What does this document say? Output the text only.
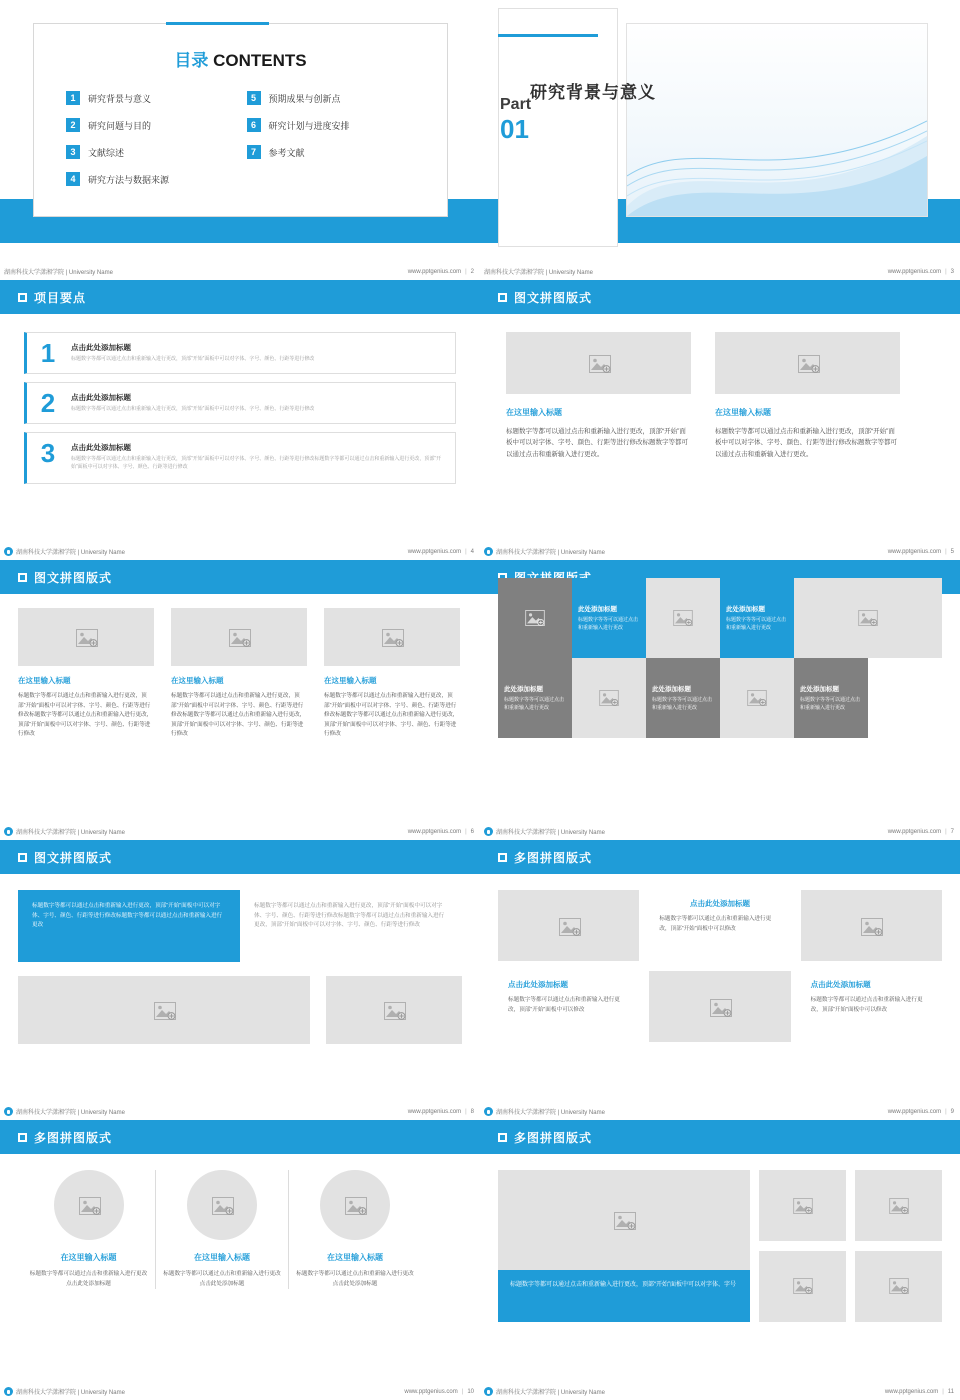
目录 CONTENTS
1	研究背景与意义	5	预期成果与创新点
2	研究问题与目的	6	研究计划与进度安排
3	文献综述	7	参考文献
4	研究方法与数据来源
湖南科技大学潇湘学院 | University Name	www.pptgenius.com | 2
Part
01
研究背景与意义
湖南科技大学潇湘学院 | University Name	www.pptgenius.com | 3
项目要点
1	点击此处添加标题
标题数字等都可以通过点击和重新输入进行更改，顶部“开始”面板中可以对字体、字号、颜色、行距等进行修改
2	点击此处添加标题
标题数字等都可以通过点击和重新输入进行更改，顶部“开始”面板中可以对字体、字号、颜色、行距等进行修改
3	点击此处添加标题
标题数字等都可以通过点击和重新输入进行更改，顶部“开始”面板中可以对字体、字号、颜色、行距等进行修改标题数字等都可以通过点击和重新输入进行更改，顶部“开始”面板中可以对字体、字号、颜色、行距等进行修改
湖南科技大学潇湘学院 | University Name	www.pptgenius.com | 4
图文拼图版式
在这里输入标题
标题数字等都可以通过点击和重新输入进行更改，顶部“开始”面板中可以对字体、字号、颜色、行距等进行修改标题数字等都可以通过点击和重新输入进行更改。
在这里输入标题
标题数字等都可以通过点击和重新输入进行更改，顶部“开始”面板中可以对字体、字号、颜色、行距等进行修改标题数字等都可以通过点击和重新输入进行更改。
湖南科技大学潇湘学院 | University Name	www.pptgenius.com | 5
图文拼图版式
在这里输入标题
标题数字等都可以通过点击和重新输入进行更改，顶部“开始”面板中可以对字体、字号、颜色、行距等进行修改标题数字等都可以通过点击和重新输入进行更改，顶部“开始”面板中可以对字体、字号、颜色、行距等进行修改
在这里输入标题
标题数字等都可以通过点击和重新输入进行更改，顶部“开始”面板中可以对字体、字号、颜色、行距等进行修改标题数字等都可以通过点击和重新输入进行更改，顶部“开始”面板中可以对字体、字号、颜色、行距等进行修改
在这里输入标题
标题数字等都可以通过点击和重新输入进行更改，顶部“开始”面板中可以对字体、字号、颜色、行距等进行修改标题数字等都可以通过点击和重新输入进行更改，顶部“开始”面板中可以对字体、字号、颜色、行距等进行修改
湖南科技大学潇湘学院 | University Name	www.pptgenius.com | 6
此处添加标题
标题数字等等可以通过点击和重新输入进行更改
此处添加标题
标题数字等等可以通过点击和重新输入进行更改
此处添加标题
标题数字等等可以通过点击和重新输入进行更改
此处添加标题
标题数字等等可以通过点击和重新输入进行更改
此处添加标题
标题数字等等可以通过点击和重新输入进行更改
湖南科技大学潇湘学院 | University Name	www.pptgenius.com | 7
图文拼图版式
标题数字等都可以通过点击和重新输入进行更改，顶部“开始”面板中可以对字体、字号、颜色、行距等进行修改标题数字等都可以通过点击和重新输入进行更改
标题数字等都可以通过点击和重新输入进行更改，顶部“开始”面板中可以对字体、字号、颜色、行距等进行修改标题数字等都可以通过点击和重新输入进行更改，顶部“开始”面板中可以对字体、字号、颜色、行距等进行修改
湖南科技大学潇湘学院 | University Name	www.pptgenius.com | 8
多图拼图版式
点击此处添加标题
标题数字等都可以通过点击和重新输入进行更改，顶部“开始”面板中可以修改
点击此处添加标题
标题数字等都可以通过点击和重新输入进行更改，顶部“开始”面板中可以修改
点击此处添加标题
标题数字等都可以通过点击和重新输入进行更改，顶部“开始”面板中可以修改
湖南科技大学潇湘学院 | University Name	www.pptgenius.com | 9
多图拼图版式
在这里输入标题
标题数字等都可以通过点击和重新输入进行更改 点击此处添加标题
在这里输入标题
标题数字等都可以通过点击和重新输入进行更改 点击此处添加标题
在这里输入标题
标题数字等都可以通过点击和重新输入进行更改 点击此处添加标题
湖南科技大学潇湘学院 | University Name	www.pptgenius.com | 10
多图拼图版式
标题数字等都可以通过点击和重新输入进行更改，顶部“开始”面板中可以对字体、字号
湖南科技大学潇湘学院 | University Name	www.pptgenius.com | 11
